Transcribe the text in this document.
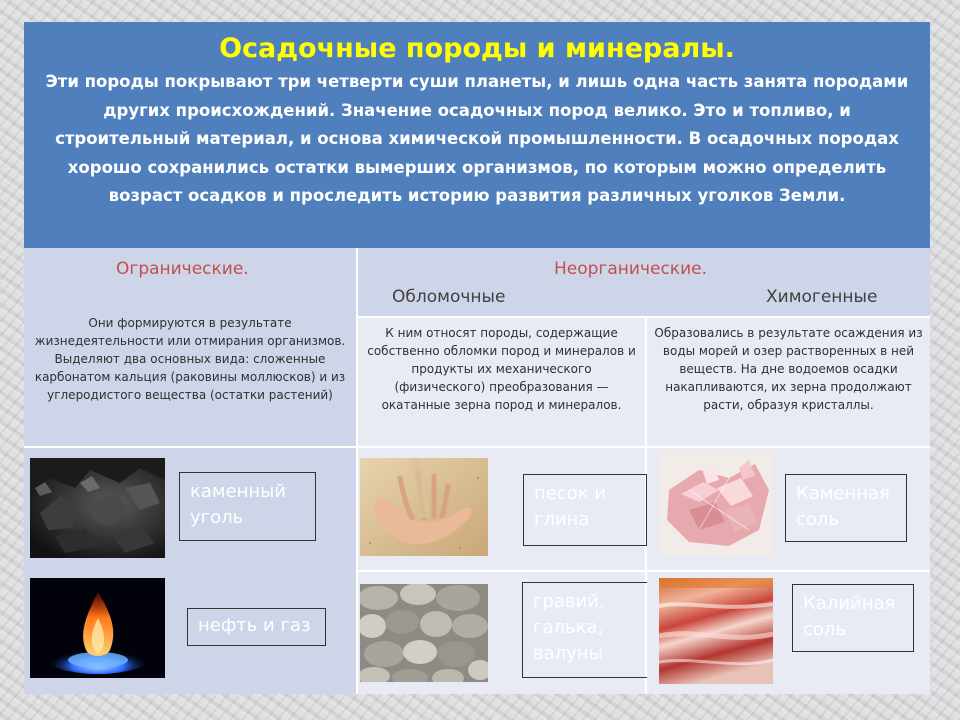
Осадочные породы и минералы.

Эти породы покрывают три четверти суши планеты, и лишь одна часть занята породами других происхождений. Значение осадочных пород велико. Это и топливо, и строительный материал, и основа химической промышленности. В осадочных породах хорошо сохранились остатки вымерших организмов, по которым можно определить возраст осадков и проследить историю развития различных уголков Земли.

Ограничеcкие.
Они формируются в результате жизнедеятельности или отмирания организмов. Выделяют два основных вида: сложенные карбонатом кальция (раковины моллюсков) и из углеродистого вещества (остатки растений)
Неорганические.
Обломочные	Химогенные
К ним относят породы, содержащие собственно обломки пород и минералов и продукты их механического (физического) преобразования — окатанные зерна пород и минералов.
Образовались в результате осаждения из воды морей и озер растворенных в ней веществ. На дне водоемов осадки накапливаются, их зерна продолжают расти, образуя кристаллы.
каменный уголь
нефть и газ
песок и глина
гравий, галька, валуны
Каменная соль
Калийная соль
